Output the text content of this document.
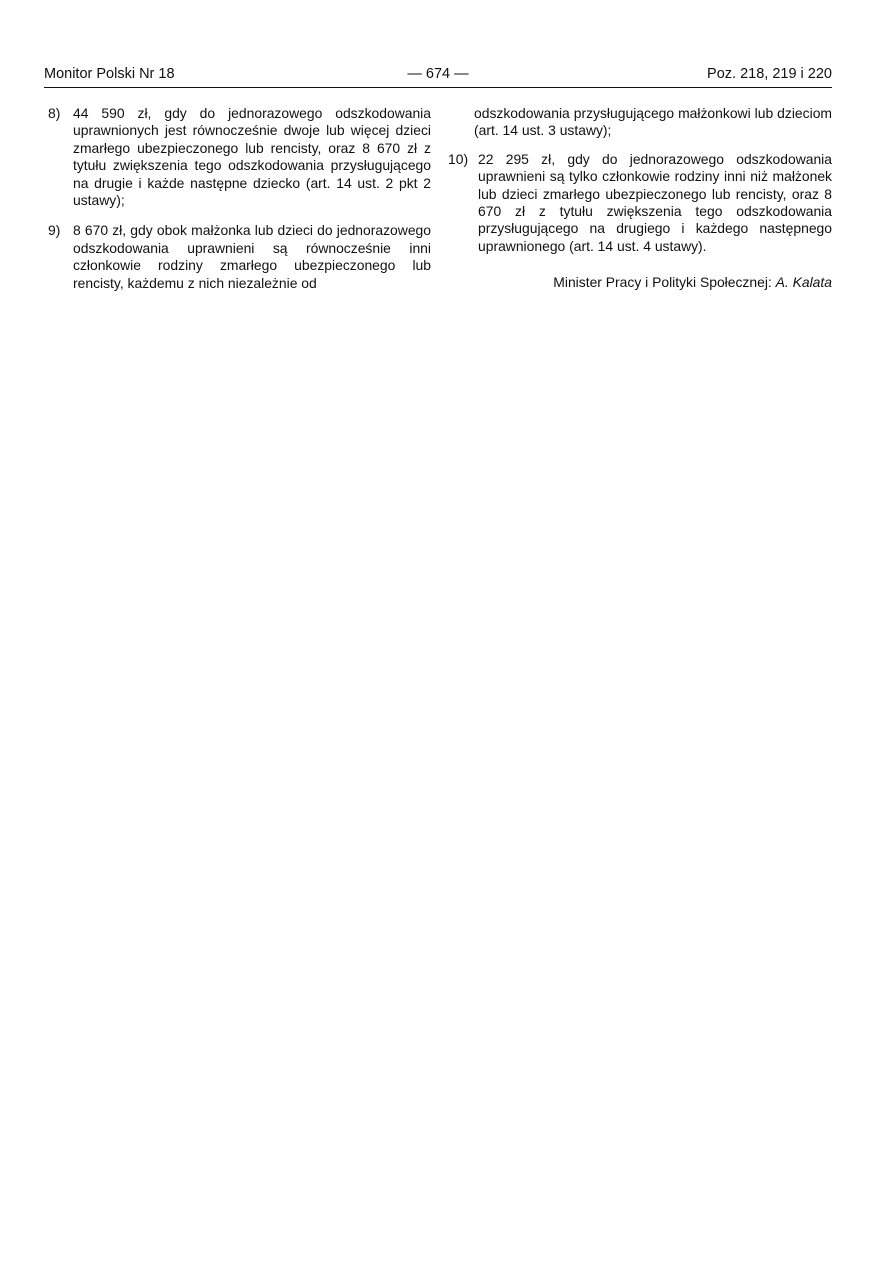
Monitor Polski Nr 18	— 674 —	Poz. 218, 219 i 220
8) 44 590 zł, gdy do jednorazowego odszkodowania uprawnionych jest równocześnie dwoje lub więcej dzieci zmarłego ubezpieczonego lub rencisty, oraz 8 670 zł z tytułu zwiększenia tego odszkodowania przysługującego na drugie i każde następne dziecko (art. 14 ust. 2 pkt 2 ustawy);
9) 8 670 zł, gdy obok małżonka lub dzieci do jednorazowego odszkodowania uprawnieni są równocześnie inni członkowie rodziny zmarłego ubezpieczonego lub rencisty, każdemu z nich niezależnie od
odszkodowania przysługującego małżonkowi lub dzieciom (art. 14 ust. 3 ustawy);
10) 22 295 zł, gdy do jednorazowego odszkodowania uprawnieni są tylko członkowie rodziny inni niż małżonek lub dzieci zmarłego ubezpieczonego lub rencisty, oraz 8 670 zł z tytułu zwiększenia tego odszkodowania przysługującego na drugiego i każdego następnego uprawnionego (art. 14 ust. 4 ustawy).
Minister Pracy i Polityki Społecznej: A. Kalata
